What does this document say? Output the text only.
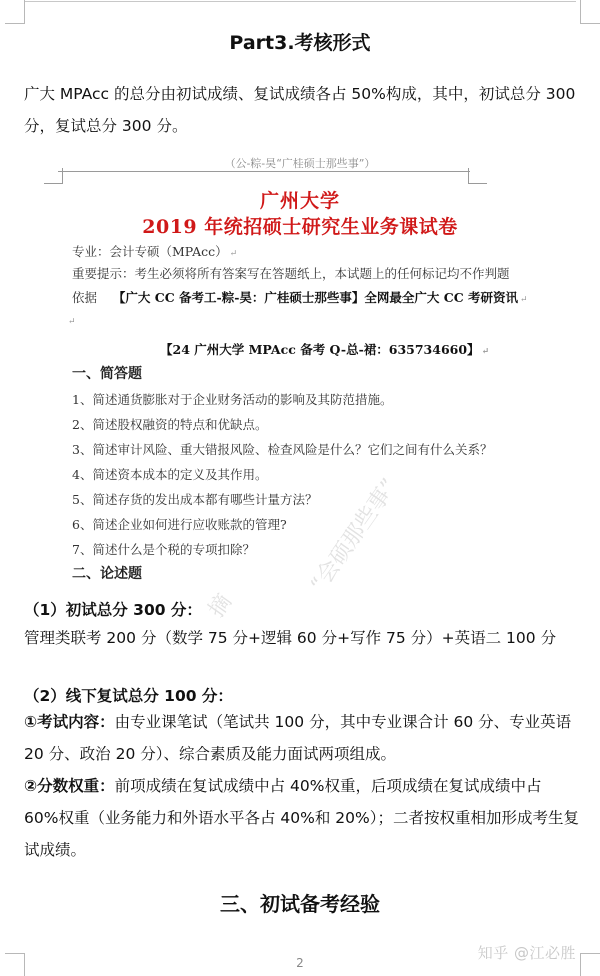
Part3.考核形式
广大 MPAcc 的总分由初试成绩、复试成绩各占 50%构成，其中，初试总分 300 分，复试总分 300 分。
（公-粽-昊“广桂硕士那些事”）
广州大学
2019 年统招硕士研究生业务课试卷
专业：会计专硕（MPAcc） ↵
重要提示：考生必须将所有答案写在答题纸上，本试题上的任何标记均不作判题
依据 【广大 CC 备考工-粽-昊：广桂硕士那些事】全网最全广大 CC 考研资讯 ↵
↵
【24 广州大学 MPAcc 备考 Q-总-裙：635734660】 ↵
一、简答题
1、简述通货膨胀对于企业财务活动的影响及其防范措施。
2、简述股权融资的特点和优缺点。
3、简述审计风险、重大错报风险、检查风险是什么？它们之间有什么关系？
4、简述资本成本的定义及其作用。
5、简述存货的发出成本都有哪些计量方法？
6、简述企业如何进行应收账款的管理?
7、简述什么是个税的专项扣除？
二、论述题	“会硕那些事”
摘
（1）初试总分 300 分：
管理类联考 200 分（数学 75 分+逻辑 60 分+写作 75 分）+英语二 100 分
（2）线下复试总分 100 分：
①考试内容：由专业课笔试（笔试共 100 分，其中专业课合计 60 分、专业英语 20 分、政治 20 分）、综合素质及能力面试两项组成。
②分数权重：前项成绩在复试成绩中占 40%权重，后项成绩在复试成绩中占 60%权重（业务能力和外语水平各占 40%和 20%）；二者按权重相加形成考生复试成绩。
三、初试备考经验
知乎 @江必胜
2
